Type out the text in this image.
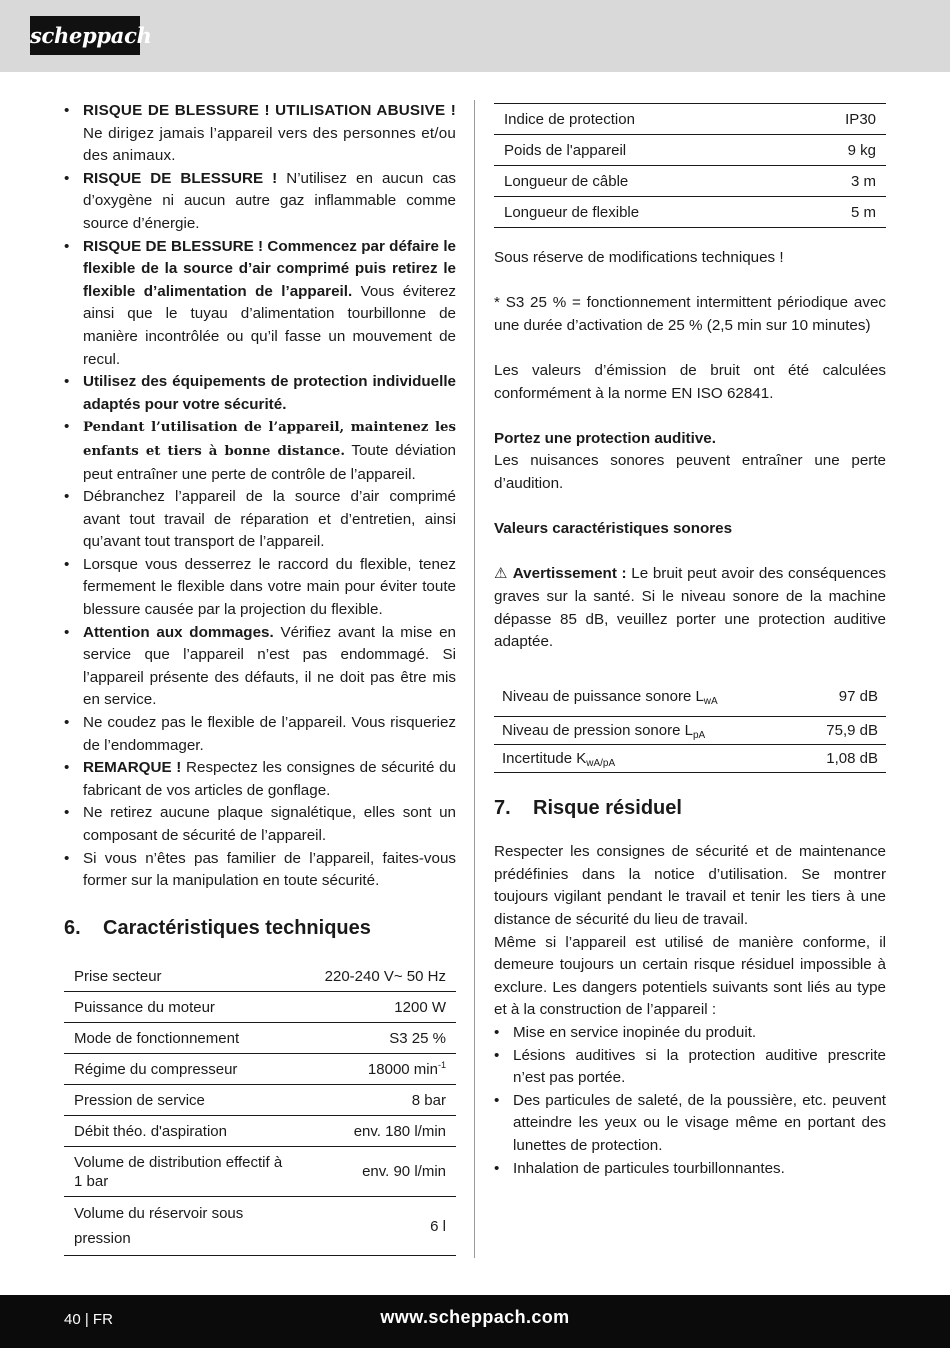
scheppach
• RISQUE DE BLESSURE ! UTILISATION ABUSIVE ! Ne dirigez jamais l’appareil vers des personnes et/ou des animaux.
• RISQUE DE BLESSURE ! N’utilisez en aucun cas d’oxygène ni aucun autre gaz inflammable comme source d’énergie.
• RISQUE DE BLESSURE ! Commencez par défaire le flexible de la source d’air comprimé puis retirez le flexible d’alimentation de l’appareil. Vous éviterez ainsi que le tuyau d’alimentation tourbillonne de manière incontrôlée ou qu’il fasse un mouvement de recul.
• Utilisez des équipements de protection individuelle adaptés pour votre sécurité.
• Pendant l’utilisation de l’appareil, maintenez les enfants et tiers à bonne distance. Toute déviation peut entraîner une perte de contrôle de l’appareil.
• Débranchez l’appareil de la source d’air comprimé avant tout travail de réparation et d’entretien, ainsi qu’avant tout transport de l’appareil.
• Lorsque vous desserrez le raccord du flexible, tenez fermement le flexible dans votre main pour éviter toute blessure causée par la projection du flexible.
• Attention aux dommages. Vérifiez avant la mise en service que l’appareil n’est pas endommagé. Si l’appareil présente des défauts, il ne doit pas être mis en service.
• Ne coudez pas le flexible de l’appareil. Vous risqueriez de l’endommager.
• REMARQUE ! Respectez les consignes de sécurité du fabricant de vos articles de gonflage.
• Ne retirez aucune plaque signalétique, elles sont un composant de sécurité de l’appareil.
• Si vous n’êtes pas familier de l’appareil, faites-vous former sur la manipulation en toute sécurité.
6.	Caractéristiques techniques
Prise secteur	220-240 V~ 50 Hz
Puissance du moteur	1200 W
Mode de fonctionnement	S3 25 %
Régime du compresseur	18000 $\min^{-1}$
Pression de service	8 bar
Débit théo. d'aspiration	env. 180 l/min
Volume de distribution effectif à 1 bar	env. 90 l/min
Volume du réservoir sous pression	6 l
Indice de protection	IP30
Poids de l'appareil	9 kg
Longueur de câble	3 m
Longueur de flexible	5 m

Sous réserve de modifications techniques !

* S3 25 % = fonctionnement intermittent périodique avec une durée d’activation de 25 % (2,5 min sur 10 minutes)

Les valeurs d’émission de bruit ont été calculées conformément à la norme EN ISO 62841.

Portez une protection auditive.

Les nuisances sonores peuvent entraîner une perte d’audition.

Valeurs caractéristiques sonores

⚠ Avertissement : Le bruit peut avoir des conséquences graves sur la santé. Si le niveau sonore de la machine dépasse 85 dB, veuillez porter une protection auditive adaptée.

Niveau de puissance sonore $L_{wA}$	97 dB
Niveau de pression sonore $L_{pA}$	75,9 dB
Incertitude $K_{wA/pA}$	1,08 dB
7.	Risque résiduel

Respecter les consignes de sécurité et de maintenance prédéfinies dans la notice d’utilisation. Se montrer toujours vigilant pendant le travail et tenir les tiers à une distance de sécurité du lieu de travail.

Même si l’appareil est utilisé de manière conforme, il demeure toujours un certain risque résiduel impossible à exclure. Les dangers potentiels suivants sont liés au type et à la construction de l’appareil :

• Mise en service inopinée du produit.
• Lésions auditives si la protection auditive prescrite n’est pas portée.
• Des particules de saleté, de la poussière, etc. peuvent atteindre les yeux ou le visage même en portant des lunettes de protection.
• Inhalation de particules tourbillonnantes.
40 | FR	www.scheppach.com
